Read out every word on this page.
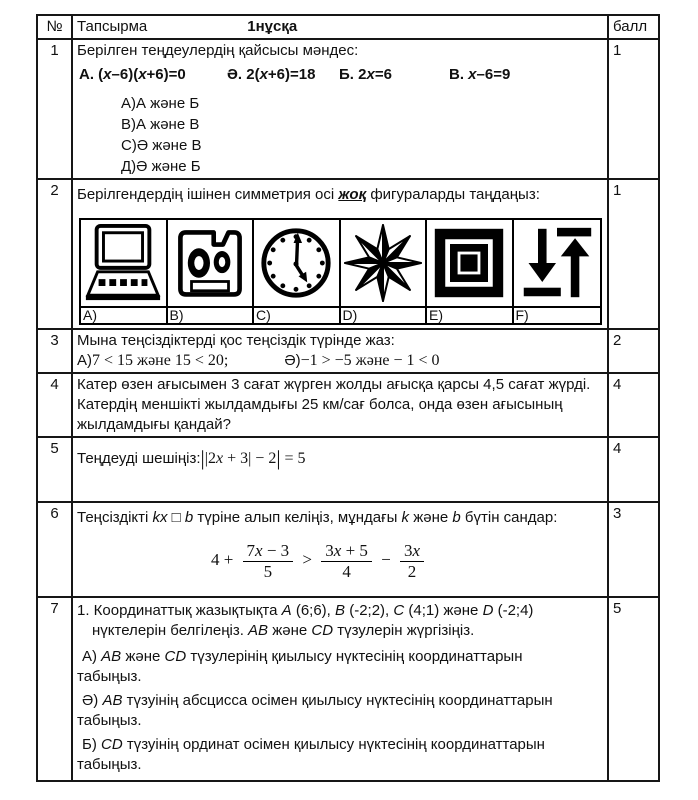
№	Тапсырма 1нұсқа	балл
1	Берілген теңдеулердің қайсысы мәндес:
А. (x–6)(x+6)=0	Ә. 2(x+6)=18 Б. 2x=6	В. x–6=9
А)А және Б
В)А және В
С)Ә және В
Д)Ә және Б
	1
2	Берілгендердің ішінен симметрия осі жоқ фигураларды таңдаңыз:
A)	B)	C)	D)	E)	F)
	1
3	Мына теңсіздіктерді қос теңсіздік түрінде жаз:
А)7 < 15 және 15 < 20; Ә)−1 > −5 және − 1 < 0	2
4	Катер өзен ағысымен 3 сағат жүрген жолды ағысқа қарсы 4,5 сағат жүрді. Катердің меншікті жылдамдығы 25 км/сағ болса, онда өзен ағысының жылдамдығы қандай?	4
5	Теңдеуді шешіңіз:||2x + 3| − 2| = 5	4
6	Теңсіздікті kx □ b түріне алып келіңіз, мұндағы k және b бүтін сандар:
$4 + \frac{7x - 3}{5} > \frac{3x + 5}{4} - \frac{3x}{2}$
	3
7	1. Координаттық жазықтықта A (6;6), B (-2;2), C (4;1) және D (-2;4) нүктелерін белгілеңіз. AB және CD түзулерін жүргізіңіз.
А) AB және CD түзулерінің қиылысу нүктесінің координаттарын табыңыз.
Ә) AB түзуінің абсцисса осімен қиылысу нүктесінің координаттарын табыңыз.
Б) CD түзуінің ординат осімен қиылысу нүктесінің координаттарын табыңыз.	5
